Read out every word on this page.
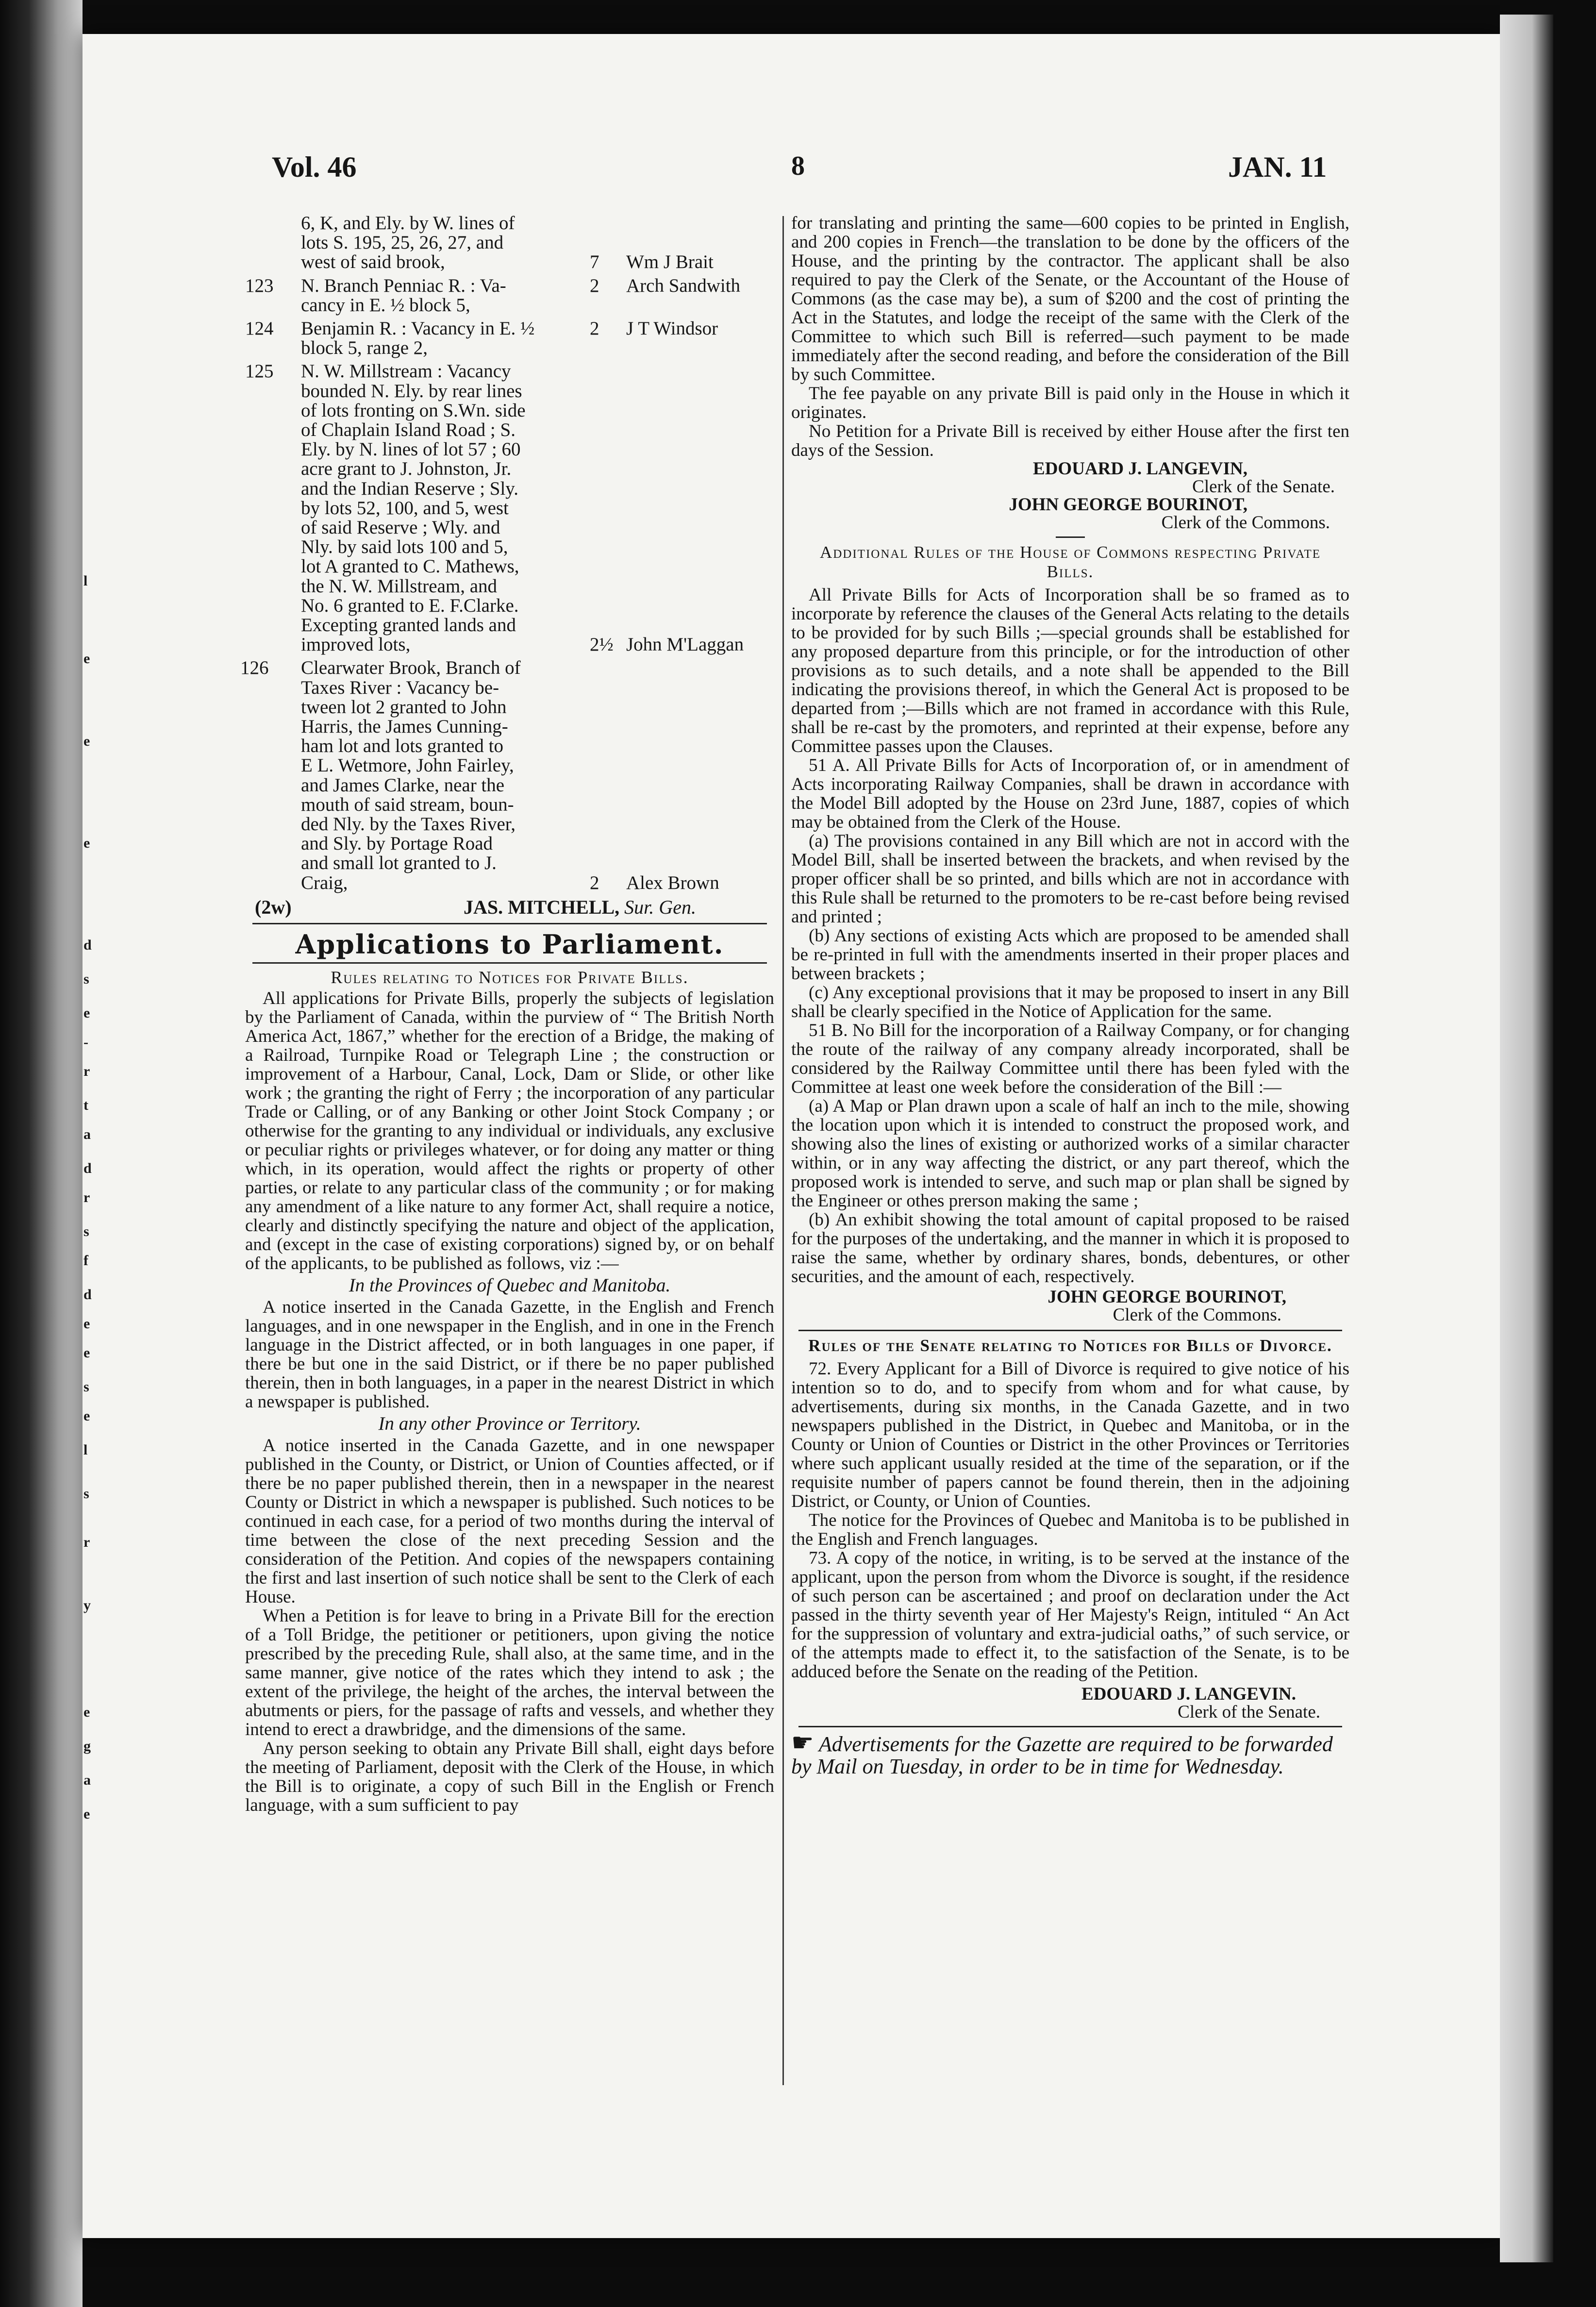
l
e
e
e
d
s
e
-
r
t
a
d
r
s
f
d
e
e
s
e
l
s
r
y
e
g
a
e
Vol. 46	8	JAN. 11
6, K, and Ely. by W. lines of
lots S. 195, 25, 26, 27, and
west of said brook,	7 Wm J Brait
123 N. Branch Penniac R. : Va-
cancy in E. ½ block 5,
2 Arch Sandwith
124 Benjamin R. : Vacancy in E. ½
block 5, range 2,
2 J T Windsor
125 N. W. Millstream : Vacancy
bounded N. Ely. by rear lines
of lots fronting on S.Wn. side
of Chaplain Island Road ; S.
Ely. by N. lines of lot 57 ; 60
acre grant to J. Johnston, Jr.
and the Indian Reserve ; Sly.
by lots 52, 100, and 5, west
of said Reserve ; Wly. and
Nly. by said lots 100 and 5,
lot A granted to C. Mathews,
the N. W. Millstream, and
No. 6 granted to E. F.Clarke.
Excepting granted lands and
improved lots,	2½ John M'Laggan
126 Clearwater Brook, Branch of
Taxes River : Vacancy be-
tween lot 2 granted to John
Harris, the James Cunning-
ham lot and lots granted to
E L. Wetmore, John Fairley,
and James Clarke, near the
mouth of said stream, boun-
ded Nly. by the Taxes River,
and Sly. by Portage Road
and small lot granted to J.
Craig,	2 Alex Brown
(2w)	JAS. MITCHELL, Sur. Gen.
Applications to Parliament.
Rules relating to Notices for Private Bills.

All applications for Private Bills, properly the subjects of legislation by the Parliament of Canada, within the purview of “ The British North America Act, 1867,” whether for the erection of a Bridge, the making of a Railroad, Turnpike Road or Telegraph Line ; the construction or improvement of a Harbour, Canal, Lock, Dam or Slide, or other like work ; the granting the right of Ferry ; the incorporation of any particular Trade or Calling, or of any Banking or other Joint Stock Company ; or otherwise for the granting to any individual or individuals, any exclusive or peculiar rights or privileges whatever, or for doing any matter or thing which, in its operation, would affect the rights or property of other parties, or relate to any particular class of the community ; or for making any amendment of a like nature to any former Act, shall require a notice, clearly and distinctly specifying the nature and object of the application, and (except in the case of existing corporations) signed by, or on behalf of the applicants, to be published as follows, viz :—

In the Provinces of Quebec and Manitoba.

A notice inserted in the Canada Gazette, in the English and French languages, and in one newspaper in the English, and in one in the French language in the District affected, or in both languages in one paper, if there be but one in the said District, or if there be no paper published therein, then in both languages, in a paper in the nearest District in which a newspaper is published.

In any other Province or Territory.

A notice inserted in the Canada Gazette, and in one newspaper published in the County, or District, or Union of Counties affected, or if there be no paper published therein, then in a newspaper in the nearest County or District in which a newspaper is published. Such notices to be continued in each case, for a period of two months during the interval of time between the close of the next preceding Session and the consideration of the Petition. And copies of the newspapers containing the first and last insertion of such notice shall be sent to the Clerk of each House.

When a Petition is for leave to bring in a Private Bill for the erection of a Toll Bridge, the petitioner or petitioners, upon giving the notice prescribed by the preceding Rule, shall also, at the same time, and in the same manner, give notice of the rates which they intend to ask ; the extent of the privilege, the height of the arches, the interval between the abutments or piers, for the passage of rafts and vessels, and whether they intend to erect a drawbridge, and the dimensions of the same.

Any person seeking to obtain any Private Bill shall, eight days before the meeting of Parliament, deposit with the Clerk of the House, in which the Bill is to originate, a copy of such Bill in the English or French language, with a sum sufficient to pay

for translating and printing the same—600 copies to be printed in English, and 200 copies in French—the translation to be done by the officers of the House, and the printing by the contractor. The applicant shall be also required to pay the Clerk of the Senate, or the Accountant of the House of Commons (as the case may be), a sum of $200 and the cost of printing the Act in the Statutes, and lodge the receipt of the same with the Clerk of the Committee to which such Bill is referred—such payment to be made immediately after the second reading, and before the consideration of the Bill by such Committee.

The fee payable on any private Bill is paid only in the House in which it originates.

No Petition for a Private Bill is received by either House after the first ten days of the Session.

EDOUARD J. LANGEVIN,
Clerk of the Senate.
JOHN GEORGE BOURINOT,
Clerk of the Commons.
Additional Rules of the House of Commons respecting Private Bills.

All Private Bills for Acts of Incorporation shall be so framed as to incorporate by reference the clauses of the General Acts relating to the details to be provided for by such Bills ;—special grounds shall be established for any proposed departure from this principle, or for the introduction of other provisions as to such details, and a note shall be appended to the Bill indicating the provisions thereof, in which the General Act is proposed to be departed from ;—Bills which are not framed in accordance with this Rule, shall be re-cast by the promoters, and reprinted at their expense, before any Committee passes upon the Clauses.

51 A. All Private Bills for Acts of Incorporation of, or in amendment of Acts incorporating Railway Companies, shall be drawn in accordance with the Model Bill adopted by the House on 23rd June, 1887, copies of which may be obtained from the Clerk of the House.

(a) The provisions contained in any Bill which are not in accord with the Model Bill, shall be inserted between the brackets, and when revised by the proper officer shall be so printed, and bills which are not in accordance with this Rule shall be returned to the promoters to be re-cast before being revised and printed ;

(b) Any sections of existing Acts which are proposed to be amended shall be re-printed in full with the amendments inserted in their proper places and between brackets ;

(c) Any exceptional provisions that it may be proposed to insert in any Bill shall be clearly specified in the Notice of Application for the same.

51 B. No Bill for the incorporation of a Railway Company, or for changing the route of the railway of any company already incorporated, shall be considered by the Railway Committee until there has been fyled with the Committee at least one week before the consideration of the Bill :—

(a) A Map or Plan drawn upon a scale of half an inch to the mile, showing the location upon which it is intended to construct the proposed work, and showing also the lines of existing or authorized works of a similar character within, or in any way affecting the district, or any part thereof, which the proposed work is intended to serve, and such map or plan shall be signed by the Engineer or othes prerson making the same ;

(b) An exhibit showing the total amount of capital proposed to be raised for the purposes of the undertaking, and the manner in which it is proposed to raise the same, whether by ordinary shares, bonds, debentures, or other securities, and the amount of each, respectively.

JOHN GEORGE BOURINOT,
Clerk of the Commons.
Rules of the Senate relating to Notices for Bills of Divorce.

72. Every Applicant for a Bill of Divorce is required to give notice of his intention so to do, and to specify from whom and for what cause, by advertisements, during six months, in the Canada Gazette, and in two newspapers published in the District, in Quebec and Manitoba, or in the County or Union of Counties or District in the other Provinces or Territories where such applicant usually resided at the time of the separation, or if the requisite number of papers cannot be found therein, then in the adjoining District, or County, or Union of Counties.

The notice for the Provinces of Quebec and Manitoba is to be published in the English and French languages.

73. A copy of the notice, in writing, is to be served at the instance of the applicant, upon the person from whom the Divorce is sought, if the residence of such person can be ascertained ; and proof on declaration under the Act passed in the thirty seventh year of Her Majesty's Reign, intituled “ An Act for the suppression of voluntary and extra-judicial oaths,” of such service, or of the attempts made to effect it, to the satisfaction of the Senate, is to be adduced before the Senate on the reading of the Petition.

EDOUARD J. LANGEVIN.
Clerk of the Senate.

☛ Advertisements for the Gazette are required to be forwarded by Mail on Tuesday, in order to be in time for Wednesday.
